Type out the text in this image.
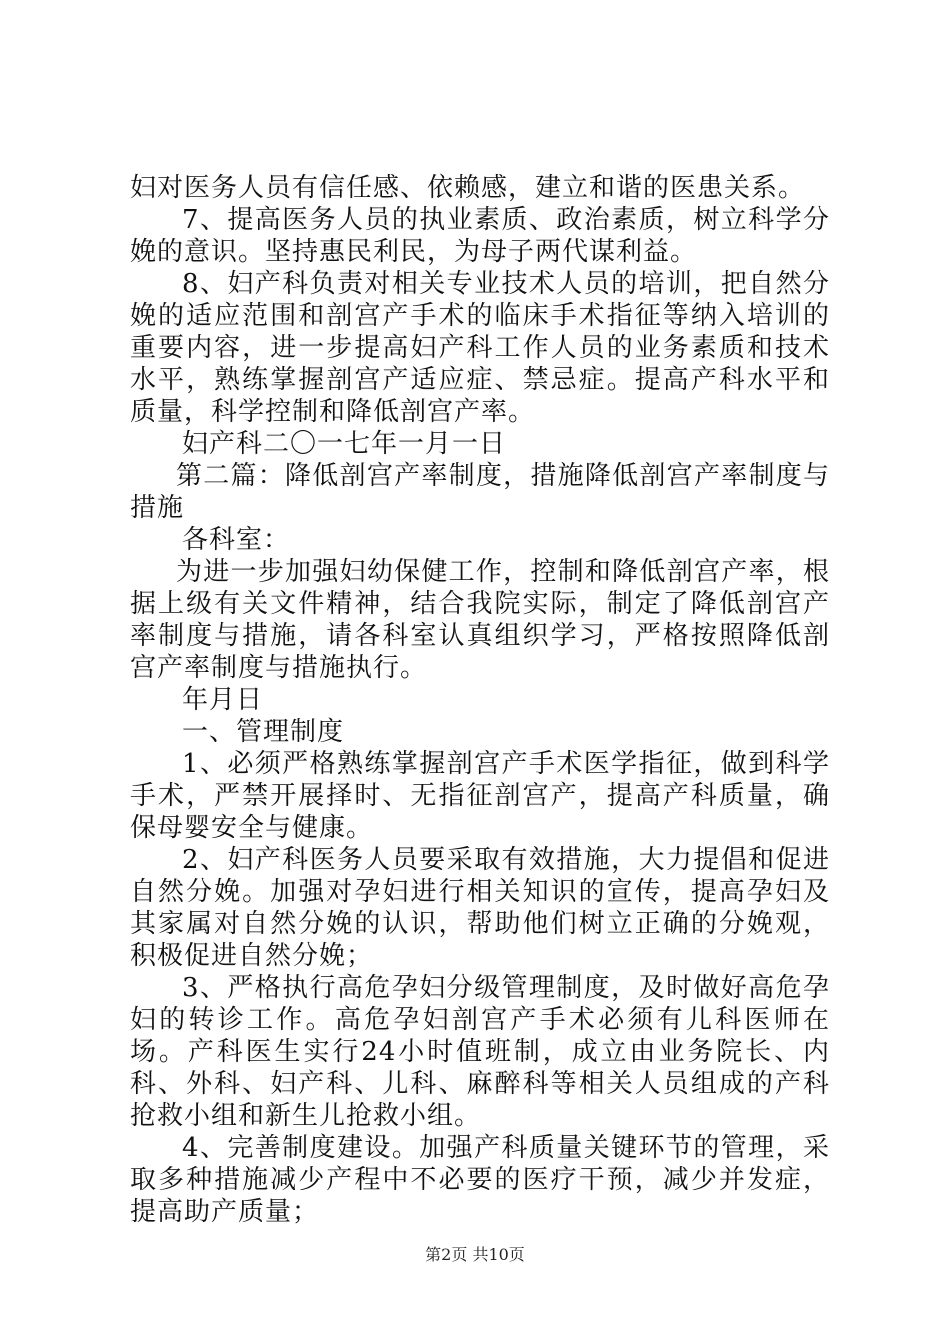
妇对医务人员有信任感、依赖感，建立和谐的医患关系。

7、提高医务人员的执业素质、政治素质，树立科学分娩的意识。坚持惠民利民，为母子两代谋利益。

8、妇产科负责对相关专业技术人员的培训，把自然分娩的适应范围和剖宫产手术的临床手术指征等纳入培训的重要内容，进一步提高妇产科工作人员的业务素质和技术水平，熟练掌握剖宫产适应症、禁忌症。提高产科水平和质量，科学控制和降低剖宫产率。

妇产科二〇一七年一月一日

第二篇：降低剖宫产率制度，措施降低剖宫产率制度与措施

各科室：

为进一步加强妇幼保健工作，控制和降低剖宫产率，根据上级有关文件精神，结合我院实际，制定了降低剖宫产率制度与措施，请各科室认真组织学习，严格按照降低剖宫产率制度与措施执行。

年月日

一、管理制度

1、必须严格熟练掌握剖宫产手术医学指征，做到科学手术，严禁开展择时、无指征剖宫产，提高产科质量，确保母婴安全与健康。

2、妇产科医务人员要采取有效措施，大力提倡和促进自然分娩。加强对孕妇进行相关知识的宣传，提高孕妇及其家属对自然分娩的认识，帮助他们树立正确的分娩观，积极促进自然分娩；

3、严格执行高危孕妇分级管理制度，及时做好高危孕妇的转诊工作。高危孕妇剖宫产手术必须有儿科医师在场。产科医生实行24小时值班制，成立由业务院长、内科、外科、妇产科、儿科、麻醉科等相关人员组成的产科抢救小组和新生儿抢救小组。

4、完善制度建设。加强产科质量关键环节的管理，采取多种措施减少产程中不必要的医疗干预，减少并发症，提高助产质量；

第2页 共10页
